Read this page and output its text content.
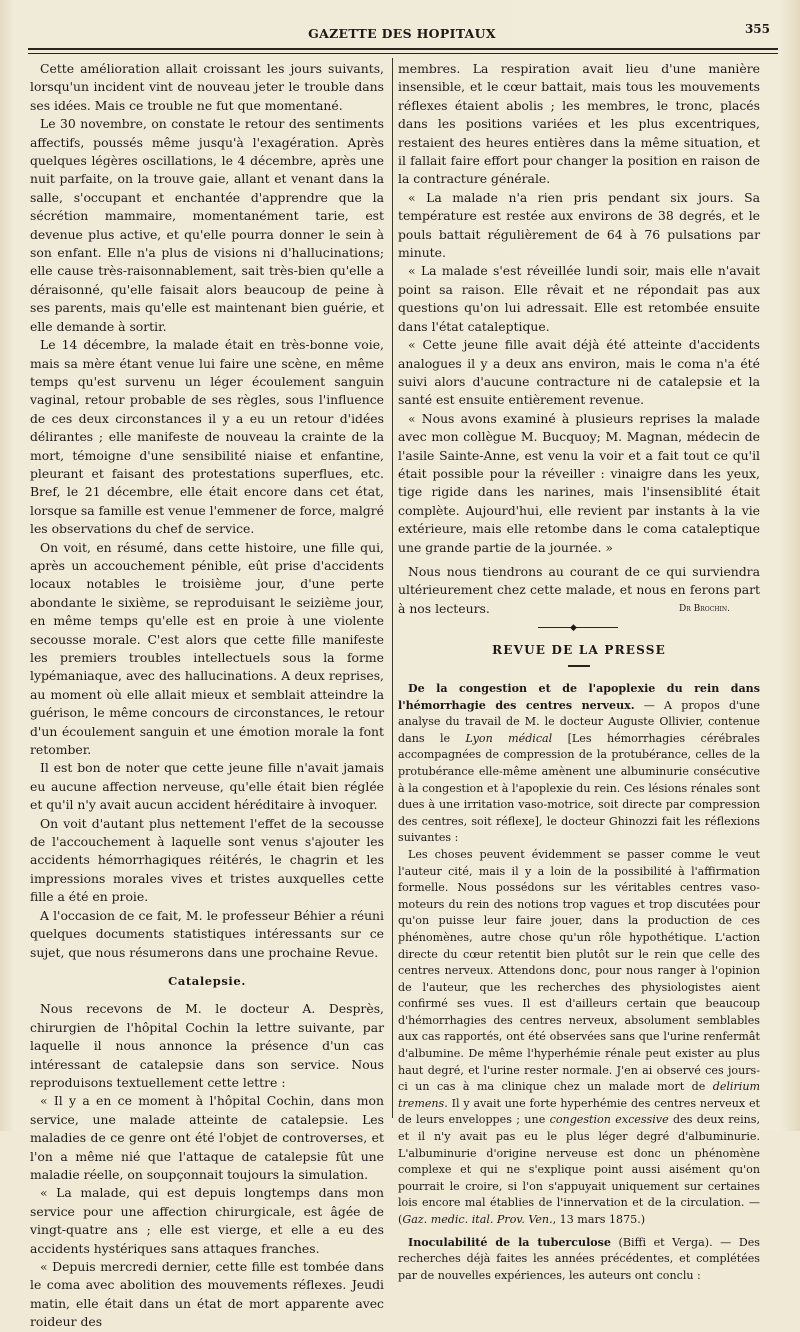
GAZETTE DES HOPITAUX	355

Cette amélioration allait croissant les jours suivants, lorsqu'un incident vint de nouveau jeter le trouble dans ses idées. Mais ce trouble ne fut que momentané.

Le 30 novembre, on constate le retour des sentiments affectifs, poussés même jusqu'à l'exagération. Après quelques légères oscillations, le 4 décembre, après une nuit parfaite, on la trouve gaie, allant et venant dans la salle, s'occupant et enchantée d'apprendre que la sécrétion mammaire, momentanément tarie, est devenue plus active, et qu'elle pourra donner le sein à son enfant. Elle n'a plus de visions ni d'hallucinations; elle cause très-raisonnablement, sait très-bien qu'elle a déraisonné, qu'elle faisait alors beaucoup de peine à ses parents, mais qu'elle est maintenant bien guérie, et elle demande à sortir.

Le 14 décembre, la malade était en très-bonne voie, mais sa mère étant venue lui faire une scène, en même temps qu'est survenu un léger écoulement sanguin vaginal, retour probable de ses règles, sous l'influence de ces deux circonstances il y a eu un retour d'idées délirantes ; elle manifeste de nouveau la crainte de la mort, témoigne d'une sensibilité niaise et enfantine, pleurant et faisant des protestations superflues, etc. Bref, le 21 décembre, elle était encore dans cet état, lorsque sa famille est venue l'emmener de force, malgré les observations du chef de service.

On voit, en résumé, dans cette histoire, une fille qui, après un accouchement pénible, eût prise d'accidents locaux notables le troisième jour, d'une perte abondante le sixième, se reproduisant le seizième jour, en même temps qu'elle est en proie à une violente secousse morale. C'est alors que cette fille manifeste les premiers troubles intellectuels sous la forme lypémaniaque, avec des hallucinations. A deux reprises, au moment où elle allait mieux et semblait atteindre la guérison, le même concours de circonstances, le retour d'un écoulement sanguin et une émotion morale la font retomber.

Il est bon de noter que cette jeune fille n'avait jamais eu aucune affection nerveuse, qu'elle était bien réglée et qu'il n'y avait aucun accident héréditaire à invoquer.

On voit d'autant plus nettement l'effet de la secousse de l'accouchement à laquelle sont venus s'ajouter les accidents hémorrhagiques réitérés, le chagrin et les impressions morales vives et tristes auxquelles cette fille a été en proie.

A l'occasion de ce fait, M. le professeur Béhier a réuni quelques documents statistiques intéressants sur ce sujet, que nous résumerons dans une prochaine Revue.

Catalepsie.

Nous recevons de M. le docteur A. Desprès, chirurgien de l'hôpital Cochin la lettre suivante, par laquelle il nous annonce la présence d'un cas intéressant de catalepsie dans son service. Nous reproduisons textuellement cette lettre :

« Il y a en ce moment à l'hôpital Cochin, dans mon service, une malade atteinte de catalepsie. Les maladies de ce genre ont été l'objet de controverses, et l'on a même nié que l'attaque de catalepsie fût une maladie réelle, on soupçonnait toujours la simulation.

« La malade, qui est depuis longtemps dans mon service pour une affection chirurgicale, est âgée de vingt-quatre ans ; elle est vierge, et elle a eu des accidents hystériques sans attaques franches.

« Depuis mercredi dernier, cette fille est tombée dans le coma avec abolition des mouvements réflexes. Jeudi matin, elle était dans un état de mort apparente avec roideur des

membres. La respiration avait lieu d'une manière insensible, et le cœur battait, mais tous les mouvements réflexes étaient abolis ; les membres, le tronc, placés dans les positions variées et les plus excentriques, restaient des heures entières dans la même situation, et il fallait faire effort pour changer la position en raison de la contracture générale.

« La malade n'a rien pris pendant six jours. Sa température est restée aux environs de 38 degrés, et le pouls battait régulièrement de 64 à 76 pulsations par minute.

« La malade s'est réveillée lundi soir, mais elle n'avait point sa raison. Elle rêvait et ne répondait pas aux questions qu'on lui adressait. Elle est retombée ensuite dans l'état cataleptique.

« Cette jeune fille avait déjà été atteinte d'accidents analogues il y a deux ans environ, mais le coma n'a été suivi alors d'aucune contracture ni de catalepsie et la santé est ensuite entièrement revenue.

« Nous avons examiné à plusieurs reprises la malade avec mon collègue M. Bucquoy; M. Magnan, médecin de l'asile Sainte-Anne, est venu la voir et a fait tout ce qu'il était possible pour la réveiller : vinaigre dans les yeux, tige rigide dans les narines, mais l'insensiblité était complète. Aujourd'hui, elle revient par instants à la vie extérieure, mais elle retombe dans le coma cataleptique une grande partie de la journée. »

Nous nous tiendrons au courant de ce qui surviendra ultérieurement chez cette malade, et nous en ferons part à nos lecteurs.	Dr Brochin.
◆
REVUE DE LA PRESSE

De la congestion et de l'apoplexie du rein dans l'hémorrhagie des centres nerveux. — A propos d'une analyse du travail de M. le docteur Auguste Ollivier, contenue dans le Lyon médical [Les hémorrhagies cérébrales accompagnées de compression de la protubérance, celles de la protubérance elle-même amènent une albuminurie consécutive à la congestion et à l'apoplexie du rein. Ces lésions rénales sont dues à une irritation vaso-motrice, soit directe par compression des centres, soit réflexe], le docteur Ghinozzi fait les réflexions suivantes :

Les choses peuvent évidemment se passer comme le veut l'auteur cité, mais il y a loin de la possibilité à l'affirmation formelle. Nous possédons sur les véritables centres vaso-moteurs du rein des notions trop vagues et trop discutées pour qu'on puisse leur faire jouer, dans la production de ces phénomènes, autre chose qu'un rôle hypothétique. L'action directe du cœur retentit bien plutôt sur le rein que celle des centres nerveux. Attendons donc, pour nous ranger à l'opinion de l'auteur, que les recherches des physiologistes aient confirmé ses vues. Il est d'ailleurs certain que beaucoup d'hémorrhagies des centres nerveux, absolument semblables aux cas rapportés, ont été observées sans que l'urine renfermât d'albumine. De même l'hyperhémie rénale peut exister au plus haut degré, et l'urine rester normale. J'en ai observé ces jours-ci un cas à ma clinique chez un malade mort de delirium tremens. Il y avait une forte hyperhémie des centres nerveux et de leurs enveloppes ; une congestion excessive des deux reins, et il n'y avait pas eu le plus léger degré d'albuminurie. L'albuminurie d'origine nerveuse est donc un phénomène complexe et qui ne s'explique point aussi aisément qu'on pourrait le croire, si l'on s'appuyait uniquement sur certaines lois encore mal établies de l'innervation et de la circulation. — (Gaz. medic. ital. Prov. Ven., 13 mars 1875.)

Inoculabilité de la tuberculose (Biffi et Verga). — Des recherches déjà faites les années précédentes, et complétées par de nouvelles expériences, les auteurs ont conclu :
